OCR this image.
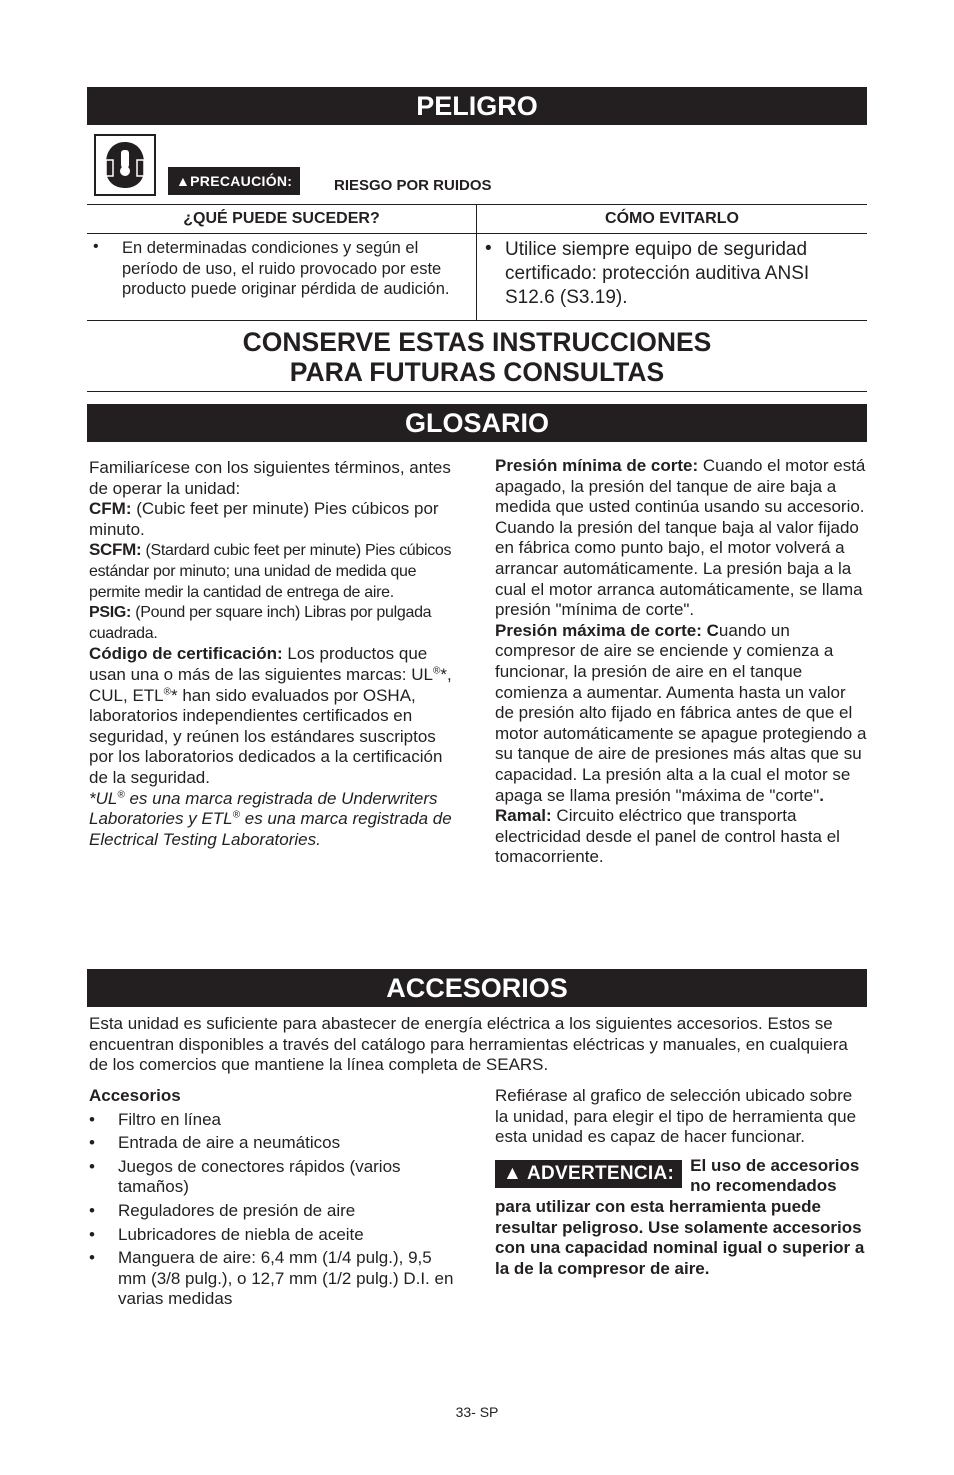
PELIGRO
▲PRECAUCIÓN:	RIESGO POR RUIDOS
¿QUÉ PUEDE SUCEDER?	CÓMO EVITARLO

• En determinadas condiciones y según el período de uso, el ruido provocado por este producto puede originar pérdida de audición.	• Utilice siempre equipo de seguridad certificado: protección auditiva ANSI S12.6 (S3.19).
CONSERVE ESTAS INSTRUCCIONES
PARA FUTURAS CONSULTAS
GLOSARIO

Familiarícese con los siguientes términos, antes de operar la unidad:

CFM: (Cubic feet per minute) Pies cúbicos por minuto.

SCFM: (Stardard cubic feet per minute) Pies cúbicos estándar por minuto; una unidad de medida que permite medir la cantidad de entrega de aire.

PSIG: (Pound per square inch) Libras por pulgada cuadrada.

Código de certificación: Los productos que usan una o más de las siguientes marcas: UL®*, CUL, ETL®* han sido evaluados por OSHA, laboratorios independientes certificados en seguridad, y reúnen los estándares suscriptos por los laboratorios dedicados a la certificación de la seguridad.

*UL® es una marca registrada de Underwriters Laboratories y ETL® es una marca registrada de Electrical Testing Laboratories.

Presión mínima de corte: Cuando el motor está apagado, la presión del tanque de aire baja a medida que usted continúa usando su accesorio. Cuando la presión del tanque baja al valor fijado en fábrica como punto bajo, el motor volverá a arrancar automáticamente. La presión baja a la cual el motor arranca automáticamente, se llama presión "mínima de corte".

Presión máxima de corte: Cuando un compresor de aire se enciende y comienza a funcionar, la presión de aire en el tanque comienza a aumentar. Aumenta hasta un valor de presión alto fijado en fábrica antes de que el motor automáticamente se apague protegiendo a su tanque de aire de presiones más altas que su capacidad. La presión alta a la cual el motor se apaga se llama presión "máxima de "corte".

Ramal: Circuito eléctrico que transporta electricidad desde el panel de control hasta el tomacorriente.

ACCESORIOS
Esta unidad es suficiente para abastecer de energía eléctrica a los siguientes accesorios. Estos se encuentran disponibles a través del catálogo para herramientas eléctricas y manuales, en cualquiera de los comercios que mantiene la línea completa de SEARS.
Accesorios
•	Filtro en línea
•	Entrada de aire a neumáticos
•	Juegos de conectores rápidos (varios tamaños)
•	Reguladores de presión de aire
•	Lubricadores de niebla de aceite
•	Manguera de aire: 6,4 mm (1/4 pulg.), 9,5 mm (3/8 pulg.), o 12,7 mm (1/2 pulg.) D.I. en varias medidas

Refiérase al grafico de selección ubicado sobre la unidad, para elegir el tipo de herramienta que esta unidad es capaz de hacer funcionar.

▲ ADVERTENCIA: El uso de accesorios no recomendados para utilizar con esta herramienta puede resultar peligroso. Use solamente accesorios con una capacidad nominal igual o superior a la de la compresor de aire.
33- SP
